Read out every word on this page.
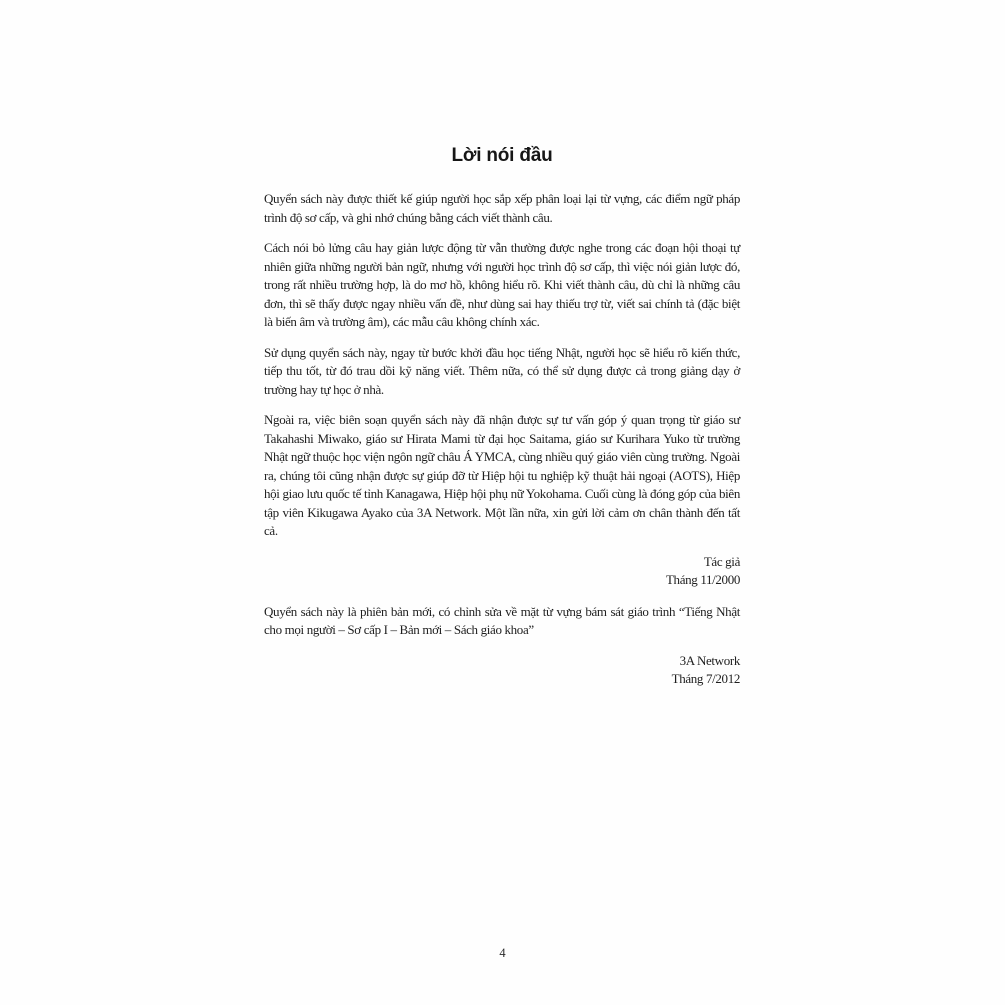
Lời nói đầu

Quyển sách này được thiết kế giúp người học sắp xếp phân loại lại từ vựng, các điểm ngữ pháp trình độ sơ cấp, và ghi nhớ chúng bằng cách viết thành câu.

Cách nói bỏ lửng câu hay giản lược động từ vẫn thường được nghe trong các đoạn hội thoại tự nhiên giữa những người bản ngữ, nhưng với người học trình độ sơ cấp, thì việc nói giản lược đó, trong rất nhiều trường hợp, là do mơ hồ, không hiểu rõ. Khi viết thành câu, dù chỉ là những câu đơn, thì sẽ thấy được ngay nhiều vấn đề, như dùng sai hay thiếu trợ từ, viết sai chính tả (đặc biệt là biến âm và trường âm), các mẫu câu không chính xác.

Sử dụng quyển sách này, ngay từ bước khởi đầu học tiếng Nhật, người học sẽ hiểu rõ kiến thức, tiếp thu tốt, từ đó trau dồi kỹ năng viết. Thêm nữa, có thể sử dụng được cả trong giảng dạy ở trường hay tự học ở nhà.

Ngoài ra, việc biên soạn quyển sách này đã nhận được sự tư vấn góp ý quan trọng từ giáo sư Takahashi Miwako, giáo sư Hirata Mami từ đại học Saitama, giáo sư Kurihara Yuko từ trường Nhật ngữ thuộc học viện ngôn ngữ châu Á YMCA, cùng nhiều quý giáo viên cùng trường. Ngoài ra, chúng tôi cũng nhận được sự giúp đỡ từ Hiệp hội tu nghiệp kỹ thuật hải ngoại (AOTS), Hiệp hội giao lưu quốc tế tỉnh Kanagawa, Hiệp hội phụ nữ Yokohama. Cuối cùng là đóng góp của biên tập viên Kikugawa Ayako của 3A Network. Một lần nữa, xin gửi lời cảm ơn chân thành đến tất cả.

Tác giả
Tháng 11/2000

Quyển sách này là phiên bản mới, có chỉnh sửa về mặt từ vựng bám sát giáo trình “Tiếng Nhật cho mọi người – Sơ cấp I – Bản mới – Sách giáo khoa”

3A Network
Tháng 7/2012
4
